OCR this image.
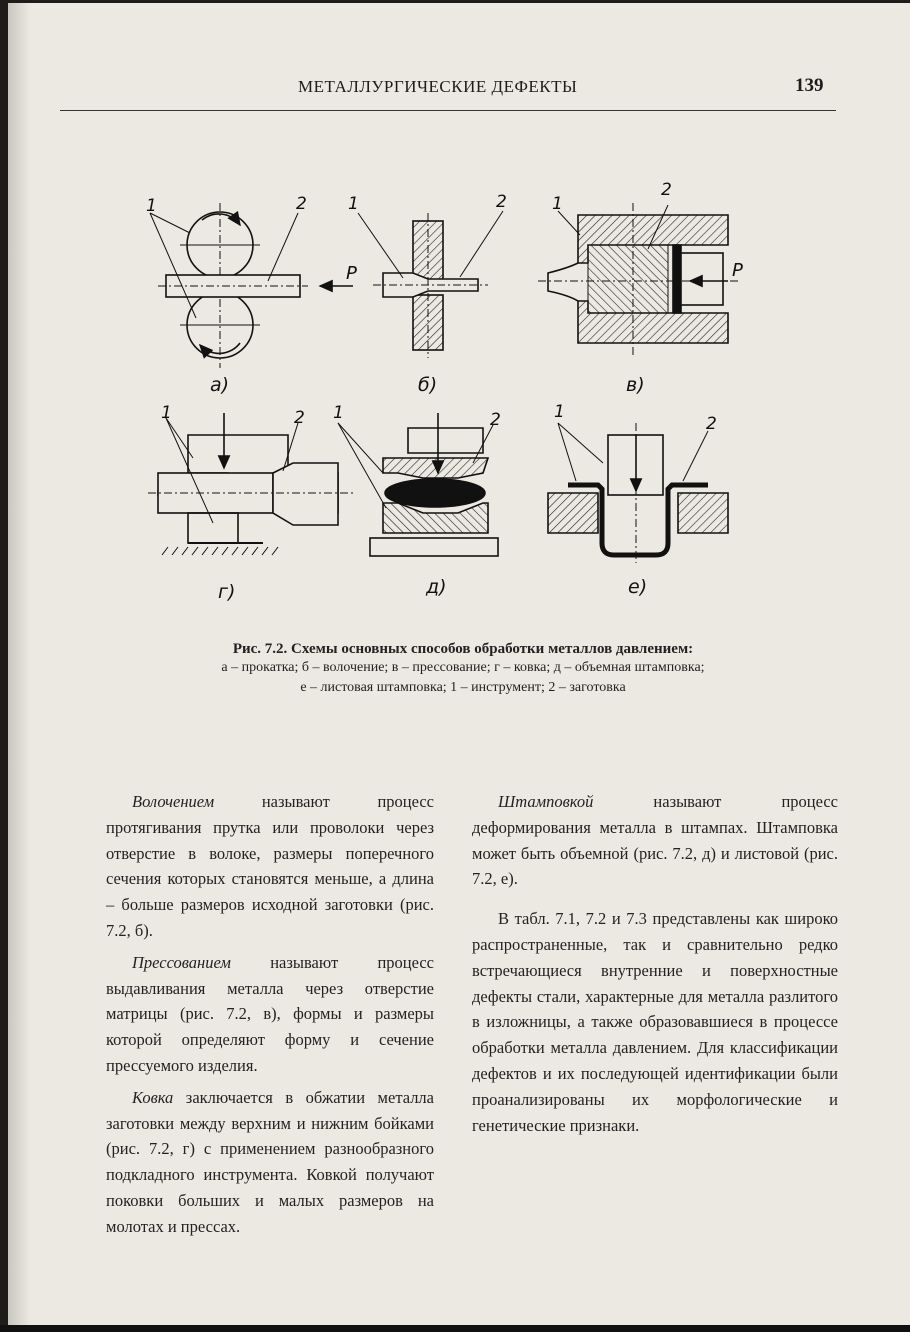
МЕТАЛЛУРГИЧЕСКИЕ ДЕФЕКТЫ	139
1	2
P
1	2	1
2
P
а)	б)	в)
1	2 1	2	1
2
г)	д)	е)
Рис. 7.2. Схемы основных способов обработки металлов давлением:
а – прокатка; б – волочение; в – прессование; г – ковка; д – объемная штамповка;
е – листовая штамповка; 1 – инструмент; 2 – заготовка

Волочением называют процесс протягивания прутка или проволоки через отверстие в волоке, размеры поперечного сечения которых становятся меньше, а длина – больше размеров исходной заготовки (рис. 7.2, б).

Прессованием называют процесс выдавливания металла через отверстие матрицы (рис. 7.2, в), формы и размеры которой определяют форму и сечение прессуемого изделия.

Ковка заключается в обжатии металла заготовки между верхним и нижним бойками (рис. 7.2, г) с применением разнообразного подкладного инструмента. Ковкой получают поковки больших и малых размеров на молотах и прессах.

Штамповкой называют процесс деформирования металла в штампах. Штамповка может быть объемной (рис. 7.2, д) и листовой (рис. 7.2, е).

В табл. 7.1, 7.2 и 7.3 представлены как широко распространенные, так и сравнительно редко встречающиеся внутренние и поверхностные дефекты стали, характерные для металла разлитого в изложницы, а также образовавшиеся в процессе обработки металла давлением. Для классификации дефектов и их последующей идентификации были проанализированы их морфологические и генетические признаки.
